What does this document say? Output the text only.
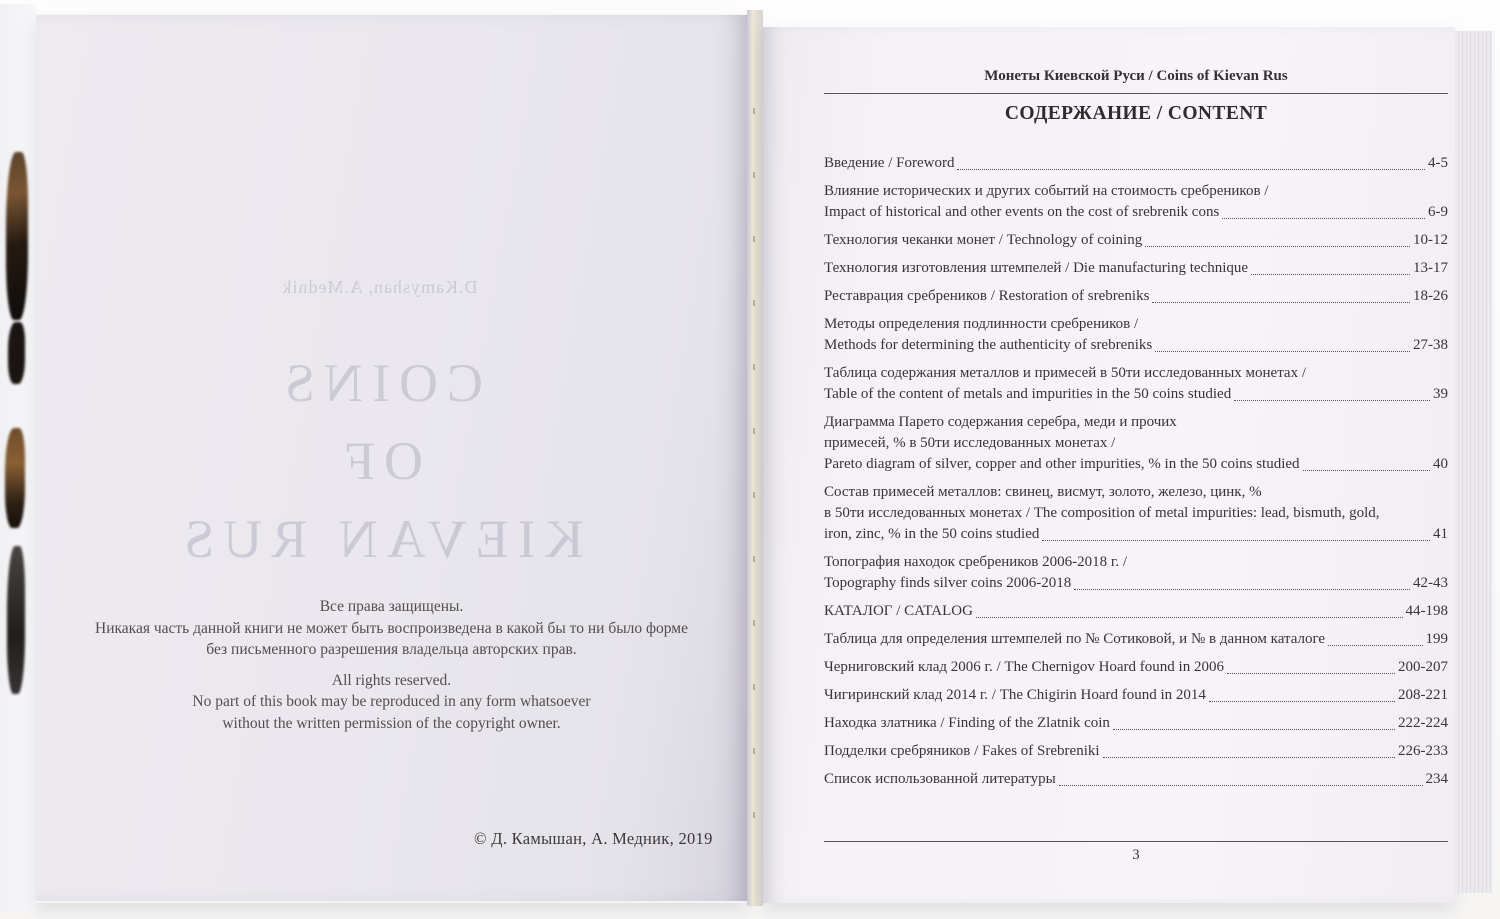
D.Kamyshan, A.Mednik
COINS
OF
KIEVAN RUS
Все права защищены.
Никакая часть данной книги не может быть воспроизведена в какой бы то ни было форме
без письменного разрешения владельца авторских прав.
All rights reserved.
No part of this book may be reproduced in any form whatsoever
without the written permission of the copyright owner.
© Д. Камышан, А. Медник, 2019
Монеты Киевской Руси / Coins of Kievan Rus
СОДЕРЖАНИЕ / CONTENT
Введение / Foreword	4-5
Влияние исторических и других событий на стоимость сребреников /
Impact of historical and other events on the cost of srebrenik cons	6-9
Технология чеканки монет / Technology of coining	10-12
Технология изготовления штемпелей / Die manufacturing technique	13-17
Реставрация сребреников / Restoration of srebreniks	18-26
Методы определения подлинности сребреников /
Methods for determining the authenticity of srebreniks	27-38
Таблица содержания металлов и примесей в 50ти исследованных монетах /
Table of the content of metals and impurities in the 50 coins studied	39
Диаграмма Парето содержания серебра, меди и прочих
примесей, % в 50ти исследованных монетах /
Pareto diagram of silver, copper and other impurities, % in the 50 coins studied	40
Состав примесей металлов: свинец, висмут, золото, железо, цинк, %
в 50ти исследованных монетах / The composition of metal impurities: lead, bismuth, gold,
iron, zinc, % in the 50 coins studied	41
Топография находок сребреников 2006-2018 г. /
Topography finds silver coins 2006-2018	42-43
КАТАЛОГ / CATALOG	44-198
Таблица для определения штемпелей по № Сотиковой, и № в данном каталоге	199
Черниговский клад 2006 г. / The Chernigov Hoard found in 2006	200-207
Чигиринский клад 2014 г. / The Chigirin Hoard found in 2014	208-221
Находка златника / Finding of the Zlatnik coin	222-224
Подделки сребряников / Fakes of Srebreniki	226-233
Список использованной литературы	234
3
